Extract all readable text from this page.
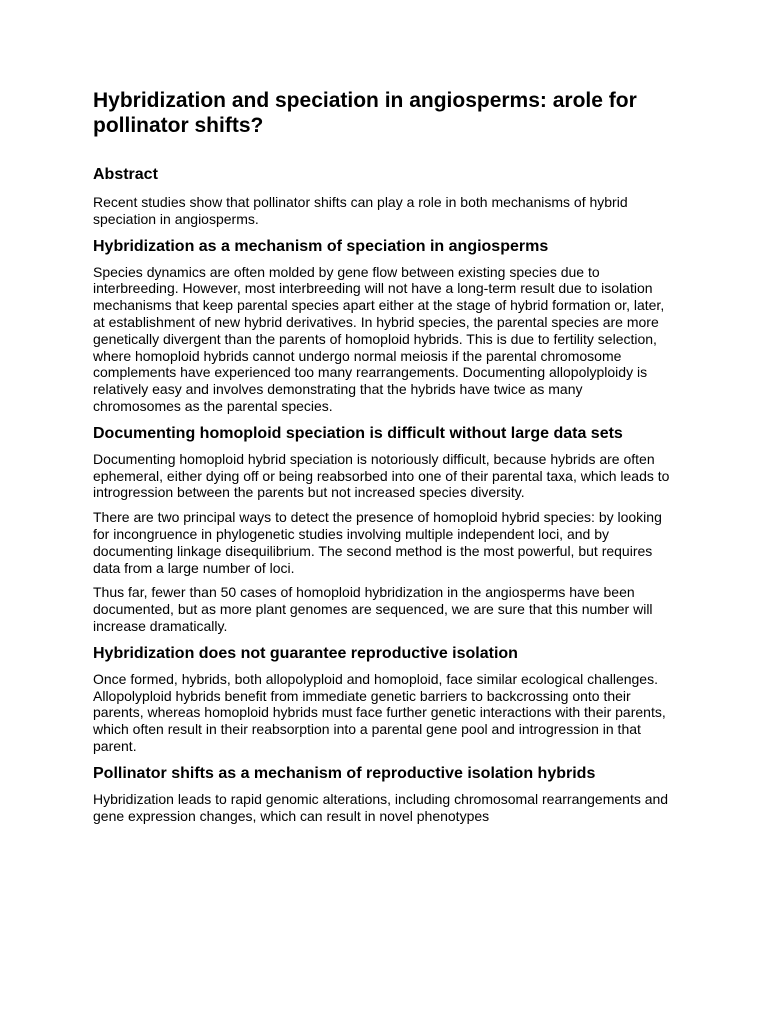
Hybridization and speciation in angiosperms: arole for pollinator shifts?
Abstract

Recent studies show that pollinator shifts can play a role in both mechanisms of hybrid speciation in angiosperms.

Hybridization as a mechanism of speciation in angiosperms

Species dynamics are often molded by gene flow between existing species due to interbreeding. However, most interbreeding will not have a long-term result due to isolation mechanisms that keep parental species apart either at the stage of hybrid formation or, later, at establishment of new hybrid derivatives. In hybrid species, the parental species are more genetically divergent than the parents of homoploid hybrids. This is due to fertility selection, where homoploid hybrids cannot undergo normal meiosis if the parental chromosome complements have experienced too many rearrangements. Documenting allopolyploidy is relatively easy and involves demonstrating that the hybrids have twice as many chromosomes as the parental species.

Documenting homoploid speciation is difficult without large data sets

Documenting homoploid hybrid speciation is notoriously difficult, because hybrids are often ephemeral, either dying off or being reabsorbed into one of their parental taxa, which leads to introgression between the parents but not increased species diversity.

There are two principal ways to detect the presence of homoploid hybrid species: by looking for incongruence in phylogenetic studies involving multiple independent loci, and by documenting linkage disequilibrium. The second method is the most powerful, but requires data from a large number of loci.

Thus far, fewer than 50 cases of homoploid hybridization in the angiosperms have been documented, but as more plant genomes are sequenced, we are sure that this number will increase dramatically.

Hybridization does not guarantee reproductive isolation

Once formed, hybrids, both allopolyploid and homoploid, face similar ecological challenges. Allopolyploid hybrids benefit from immediate genetic barriers to backcrossing onto their parents, whereas homoploid hybrids must face further genetic interactions with their parents, which often result in their reabsorption into a parental gene pool and introgression in that parent.

Pollinator shifts as a mechanism of reproductive isolation hybrids

Hybridization leads to rapid genomic alterations, including chromosomal rearrangements and gene expression changes, which can result in novel phenotypes
